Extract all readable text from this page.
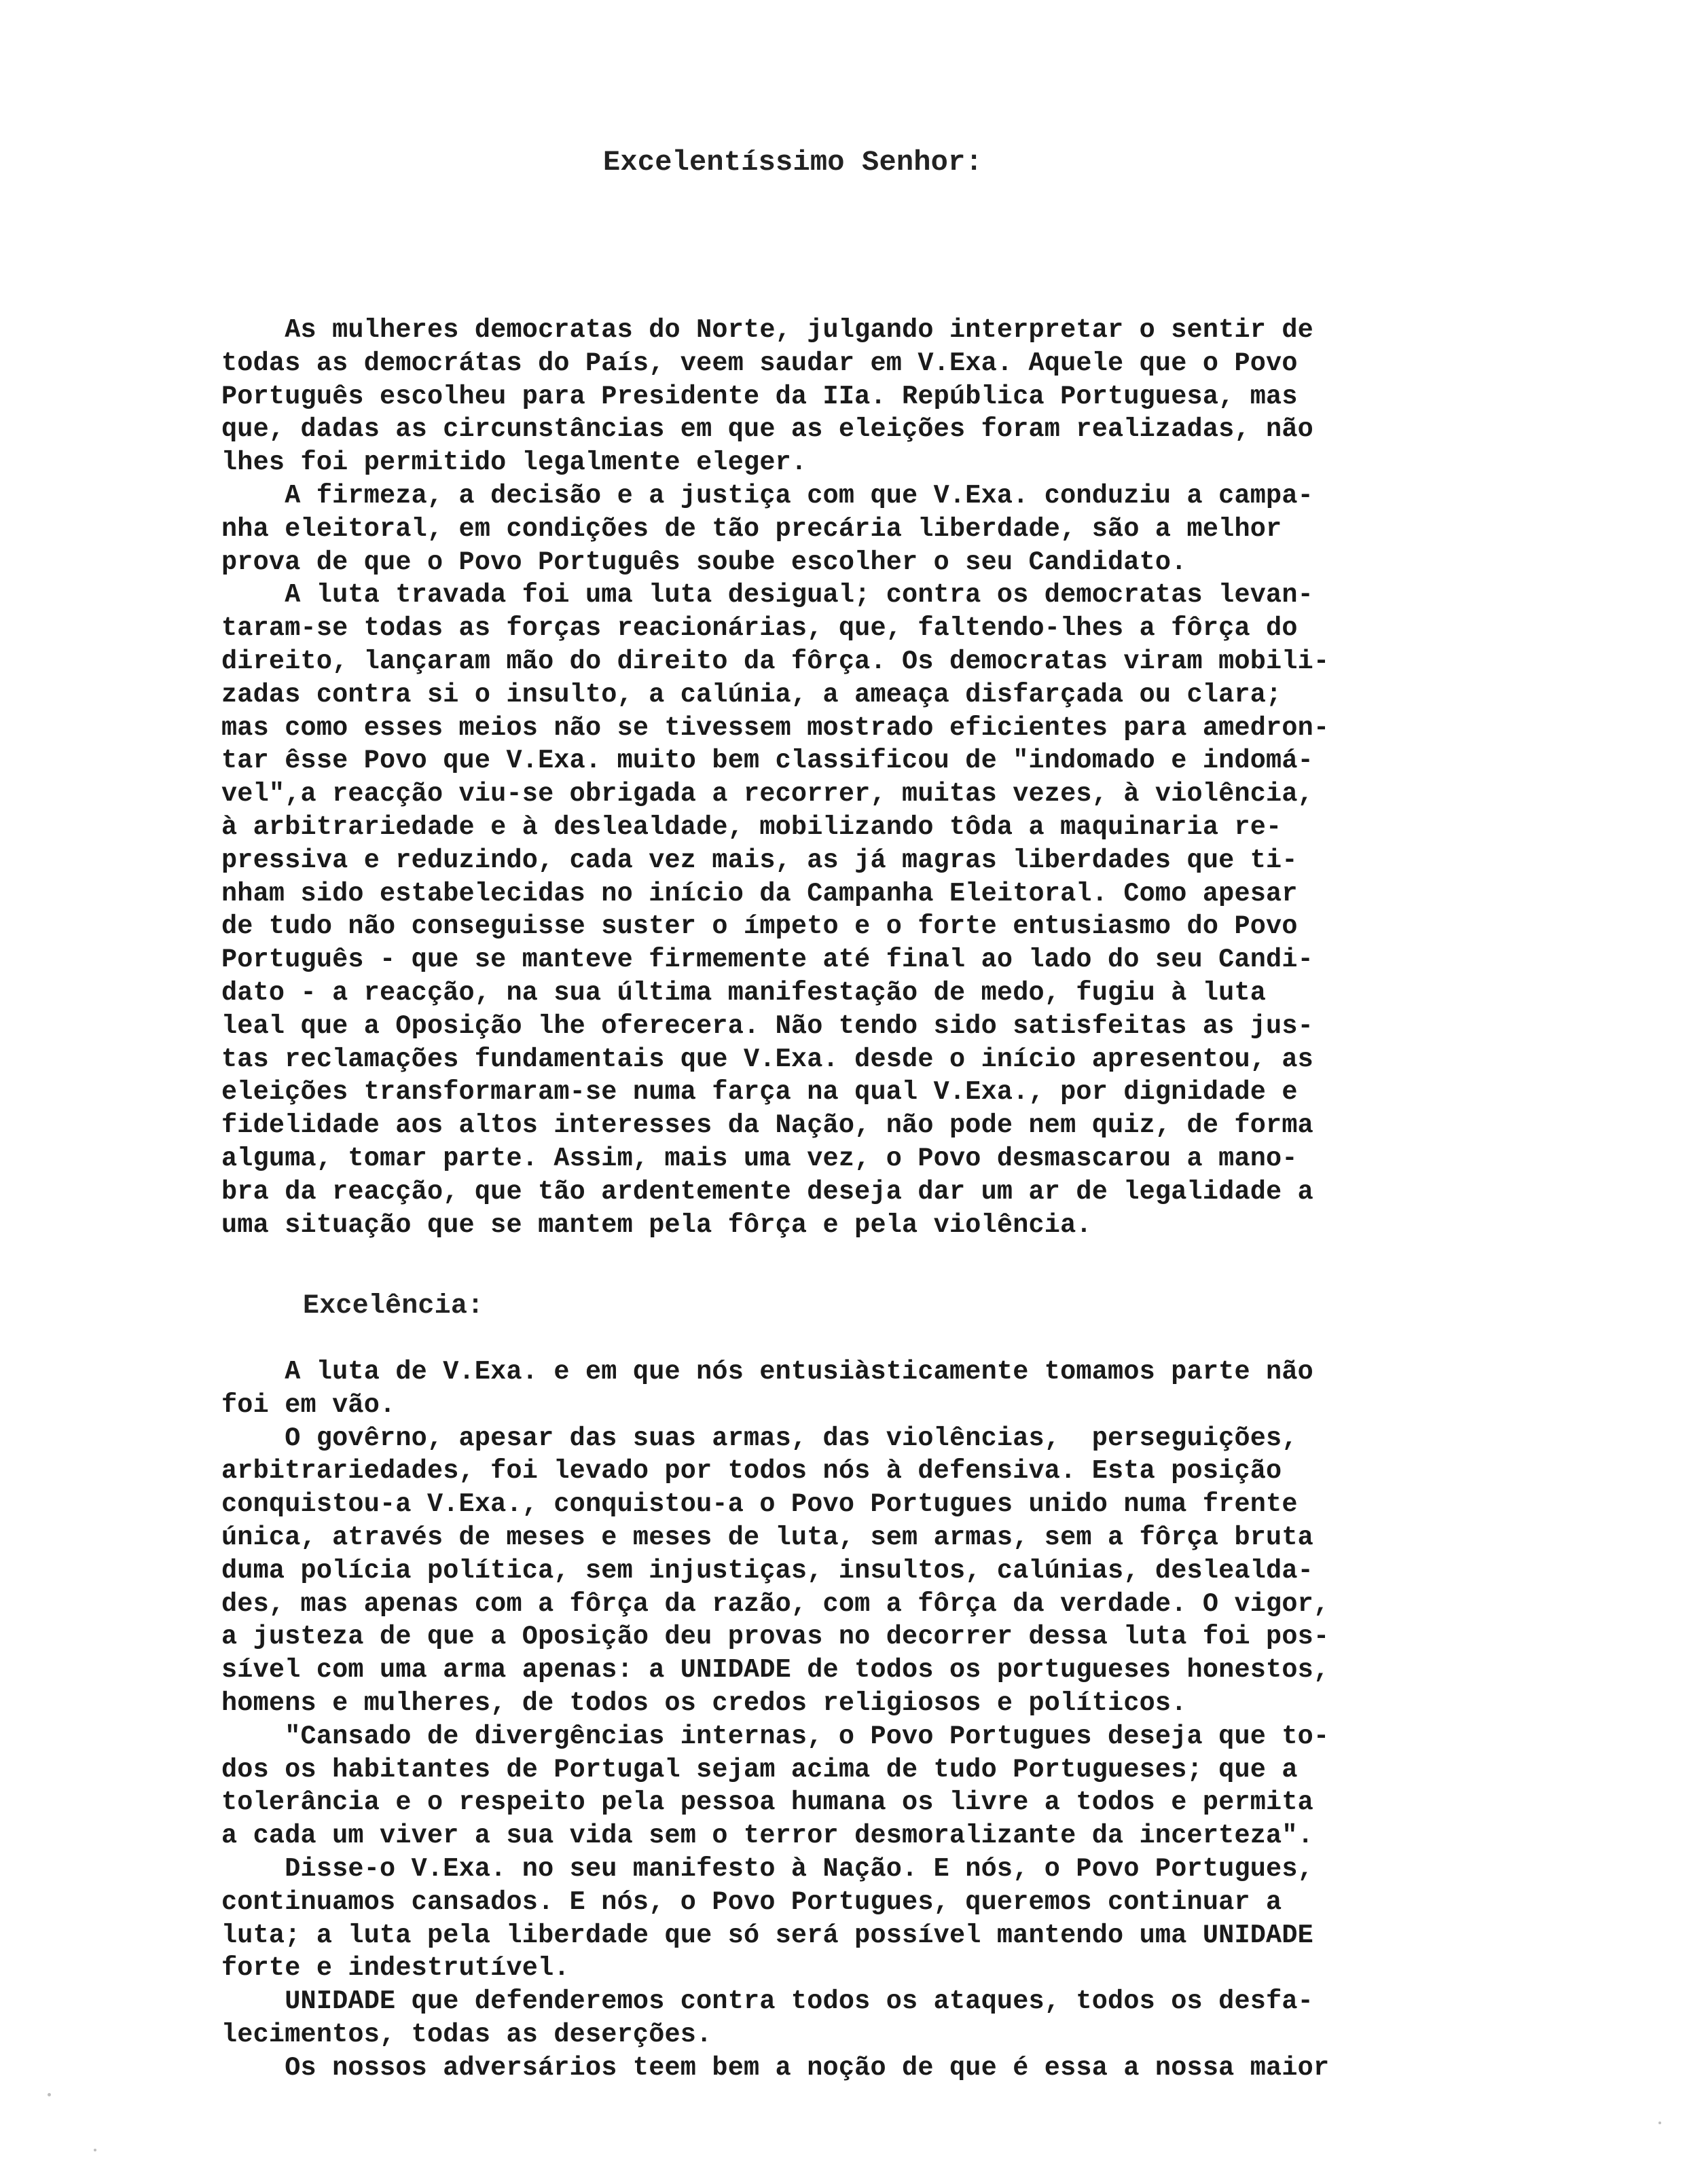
Excelentíssimo Senhor:
As mulheres democratas do Norte, julgando interpretar o sentir de
todas as democrátas do País, veem saudar em V.Exa. Aquele que o Povo
Português escolheu para Presidente da IIa. República Portuguesa, mas
que, dadas as circunstâncias em que as eleições foram realizadas, não
lhes foi permitido legalmente eleger.
A firmeza, a decisão e a justiça com que V.Exa. conduziu a campa-
nha eleitoral, em condições de tão precária liberdade, são a melhor
prova de que o Povo Português soube escolher o seu Candidato.
A luta travada foi uma luta desigual; contra os democratas levan-
taram-se todas as forças reacionárias, que, faltendo-lhes a fôrça do
direito, lançaram mão do direito da fôrça. Os democratas viram mobili-
zadas contra si o insulto, a calúnia, a ameaça disfarçada ou clara;
mas como esses meios não se tivessem mostrado eficientes para amedron-
tar êsse Povo que V.Exa. muito bem classificou de "indomado e indomá-
vel",a reacção viu-se obrigada a recorrer, muitas vezes, à violência,
à arbitrariedade e à deslealdade, mobilizando tôda a maquinaria re-
pressiva e reduzindo, cada vez mais, as já magras liberdades que ti-
nham sido estabelecidas no início da Campanha Eleitoral. Como apesar
de tudo não conseguisse suster o ímpeto e o forte entusiasmo do Povo
Português - que se manteve firmemente até final ao lado do seu Candi-
dato - a reacção, na sua última manifestação de medo, fugiu à luta
leal que a Oposição lhe oferecera. Não tendo sido satisfeitas as jus-
tas reclamações fundamentais que V.Exa. desde o início apresentou, as
eleições transformaram-se numa farça na qual V.Exa., por dignidade e
fidelidade aos altos interesses da Nação, não pode nem quiz, de forma
alguma, tomar parte. Assim, mais uma vez, o Povo desmascarou a mano-
bra da reacção, que tão ardentemente deseja dar um ar de legalidade a
uma situação que se mantem pela fôrça e pela violência.
Excelência:
A luta de V.Exa. e em que nós entusiàsticamente tomamos parte não
foi em vão.
O govêrno, apesar das suas armas, das violências,  perseguições,
arbitrariedades, foi levado por todos nós à defensiva. Esta posição
conquistou-a V.Exa., conquistou-a o Povo Portugues unido numa frente
única, através de meses e meses de luta, sem armas, sem a fôrça bruta
duma polícia política, sem injustiças, insultos, calúnias, deslealda-
des, mas apenas com a fôrça da razão, com a fôrça da verdade. O vigor,
a justeza de que a Oposição deu provas no decorrer dessa luta foi pos-
sível com uma arma apenas: a UNIDADE de todos os portugueses honestos,
homens e mulheres, de todos os credos religiosos e políticos.
"Cansado de divergências internas, o Povo Portugues deseja que to-
dos os habitantes de Portugal sejam acima de tudo Portugueses; que a
tolerância e o respeito pela pessoa humana os livre a todos e permita
a cada um viver a sua vida sem o terror desmoralizante da incerteza".
Disse-o V.Exa. no seu manifesto à Nação. E nós, o Povo Portugues,
continuamos cansados. E nós, o Povo Portugues, queremos continuar a
luta; a luta pela liberdade que só será possível mantendo uma UNIDADE
forte e indestrutível.
UNIDADE que defenderemos contra todos os ataques, todos os desfa-
lecimentos, todas as deserções.
Os nossos adversários teem bem a noção de que é essa a nossa maior
